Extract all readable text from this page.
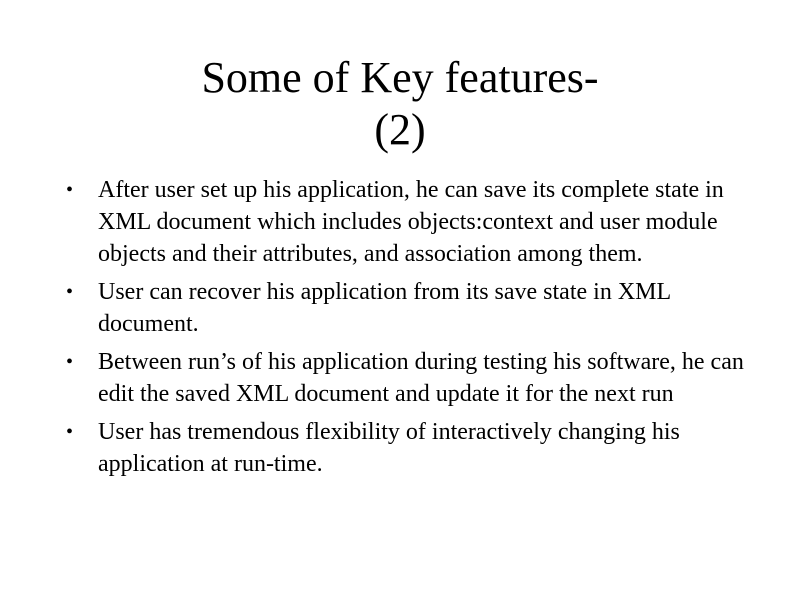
Some of Key features-
(2)
•	After user set up his application, he can save its complete state in XML document which includes objects:context and user module objects and their attributes, and association among them.
•	User can recover his application from its save state in XML document.
•	Between run’s of his application during testing his software, he can edit the saved XML document and update it for the next run
•	User has tremendous flexibility of interactively changing his application at run-time.
